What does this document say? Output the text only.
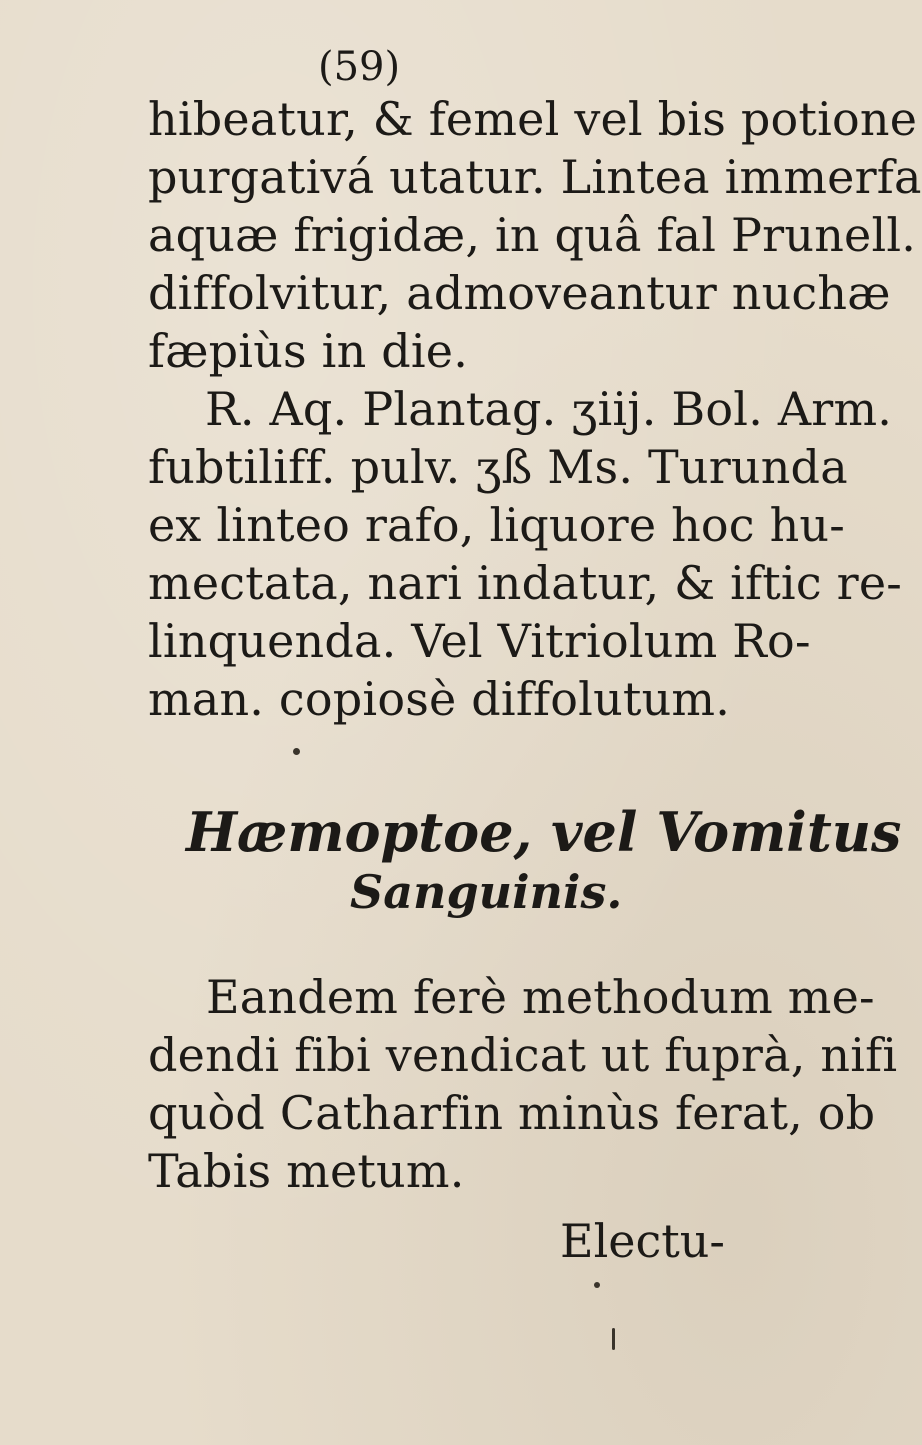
(59)
hibeatur, & femel vel bis potione
purgativá utatur. Lintea immerfa
aquæ frigidæ, in quâ fal Prunell.
diffolvitur, admoveantur nuchæ
fæpiùs in die.
R. Aq. Plantag. ʒiij. Bol. Arm.
fubtiliff. pulv. ʒß Ms. Turunda
ex linteo rafo, liquore hoc hu-
mectata, nari indatur, & iftic re-
linquenda. Vel Vitriolum Ro-
man. copiosè diffolutum.
Hæmoptoe, vel Vomitus
Sanguinis.
Eandem ferè methodum me-
dendi fibi vendicat ut fuprà, nifi
quòd Catharfin minùs ferat, ob
Tabis metum.
Electu-
